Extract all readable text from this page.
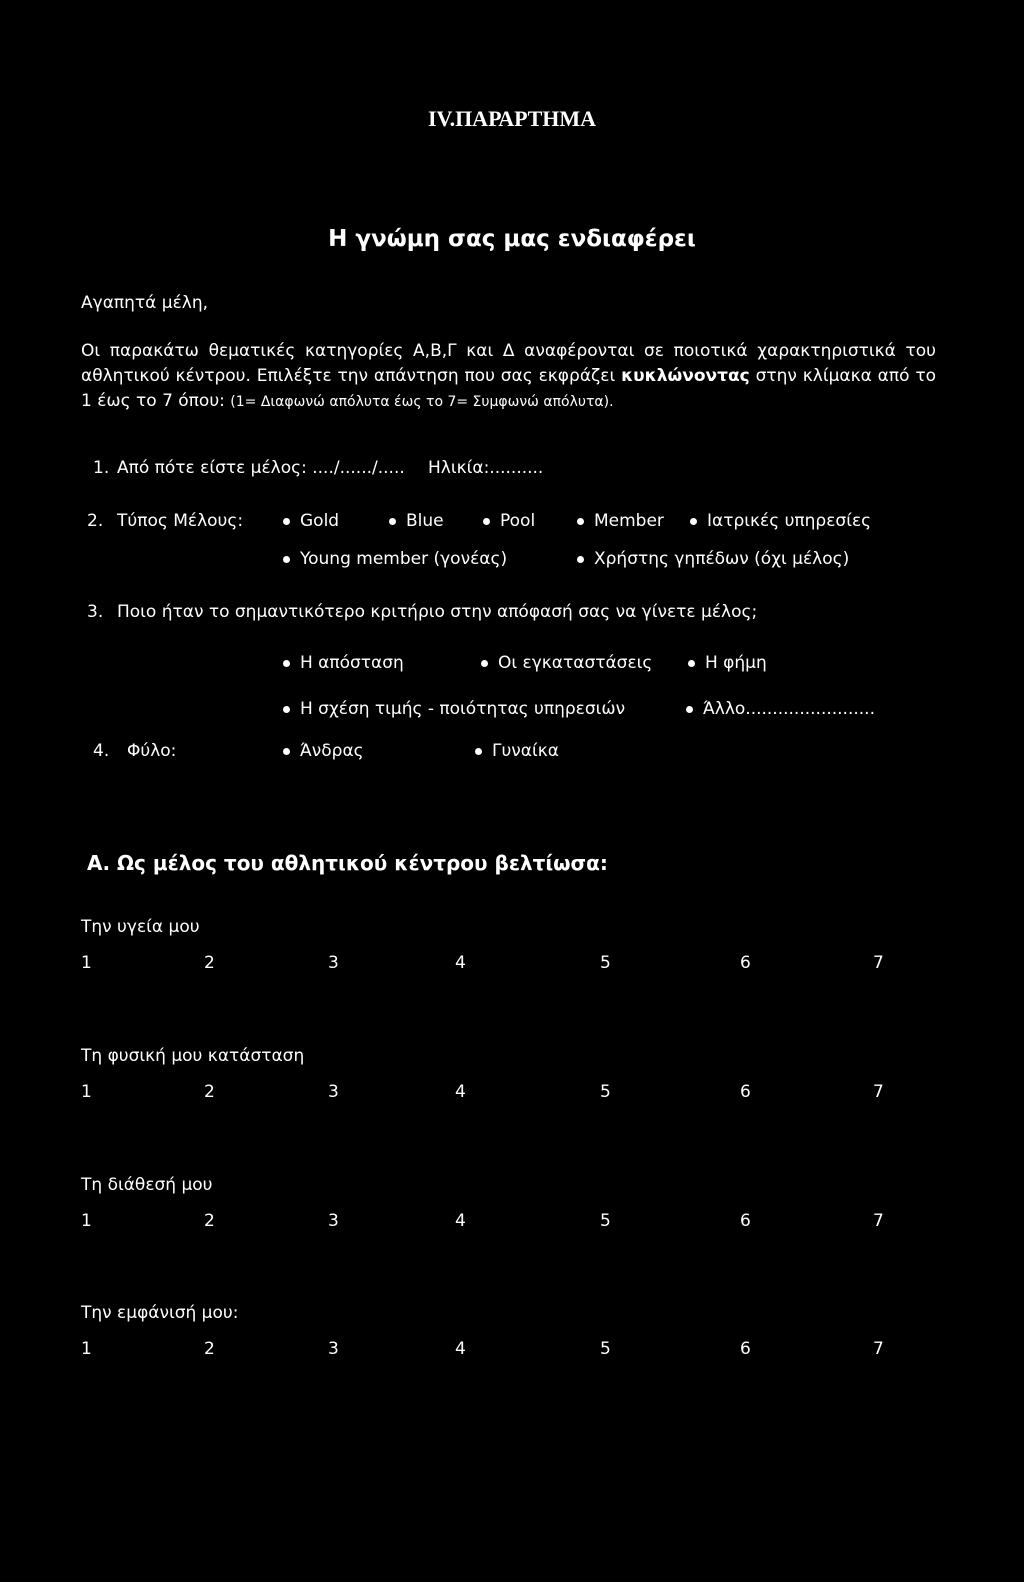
IV.ΠΑΡΑΡΤΗΜΑ
Η γνώμη σας μας ενδιαφέρει
Αγαπητά μέλη,
Οι παρακάτω θεματικές κατηγορίες Α,Β,Γ και Δ αναφέρονται σε ποιοτικά χαρακτηριστικά του αθλητικού κέντρου. Επιλέξτε την απάντηση που σας εκφράζει κυκλώνοντας στην κλίμακα από το 1 έως το 7 όπου: (1= Διαφωνώ απόλυτα έως το 7= Συμφωνώ απόλυτα).
1. Από πότε είστε μέλος: ..../....../..... Ηλικία:..........
2. Τύπος Μέλους:	Gold	Blue	Pool	Member	Ιατρικές υπηρεσίες
Young member (γονέας)	Χρήστης γηπέδων (όχι μέλος)
3. Ποιο ήταν το σημαντικότερο κριτήριο στην απόφασή σας να γίνετε μέλος;
Η απόσταση	Οι εγκαταστάσεις	Η φήμη
Η σχέση τιμής - ποιότητας υπηρεσιών	Άλλο........................
4. Φύλο:	Άνδρας	Γυναίκα
Α. Ως μέλος του αθλητικού κέντρου βελτίωσα:
Την υγεία μου
1	2	3	4	5	6	7
Τη φυσική μου κατάσταση
1	2	3	4	5	6	7
Τη διάθεσή μου
1	2	3	4	5	6	7
Την εμφάνισή μου:
1	2	3	4	5	6	7
